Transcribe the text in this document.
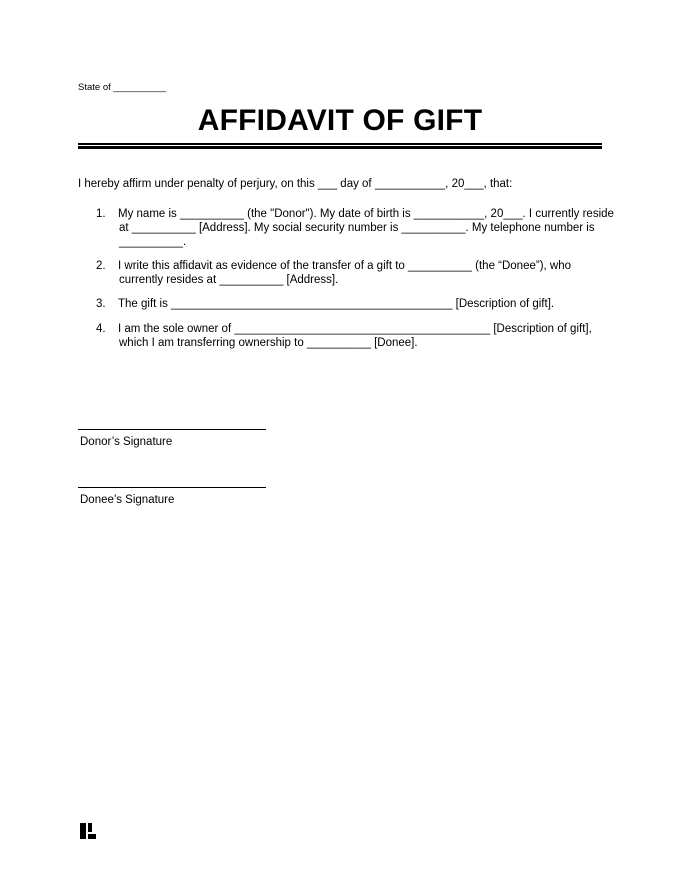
State of __________
AFFIDAVIT OF GIFT
I hereby affirm under penalty of perjury, on this ___ day of ___________, 20___, that:
1.	My name is __________ (the "Donor"). My date of birth is ___________, 20___. I currently reside
at __________ [Address]. My social security number is __________. My telephone number is
__________.
2.	I write this affidavit as evidence of the transfer of a gift to __________ (the “Donee”), who
currently resides at __________ [Address].
3.	The gift is ____________________________________________ [Description of gift].
4.	I am the sole owner of ________________________________________ [Description of gift],
which I am transferring ownership to __________ [Donee].
Donor’s Signature
Donee’s Signature
